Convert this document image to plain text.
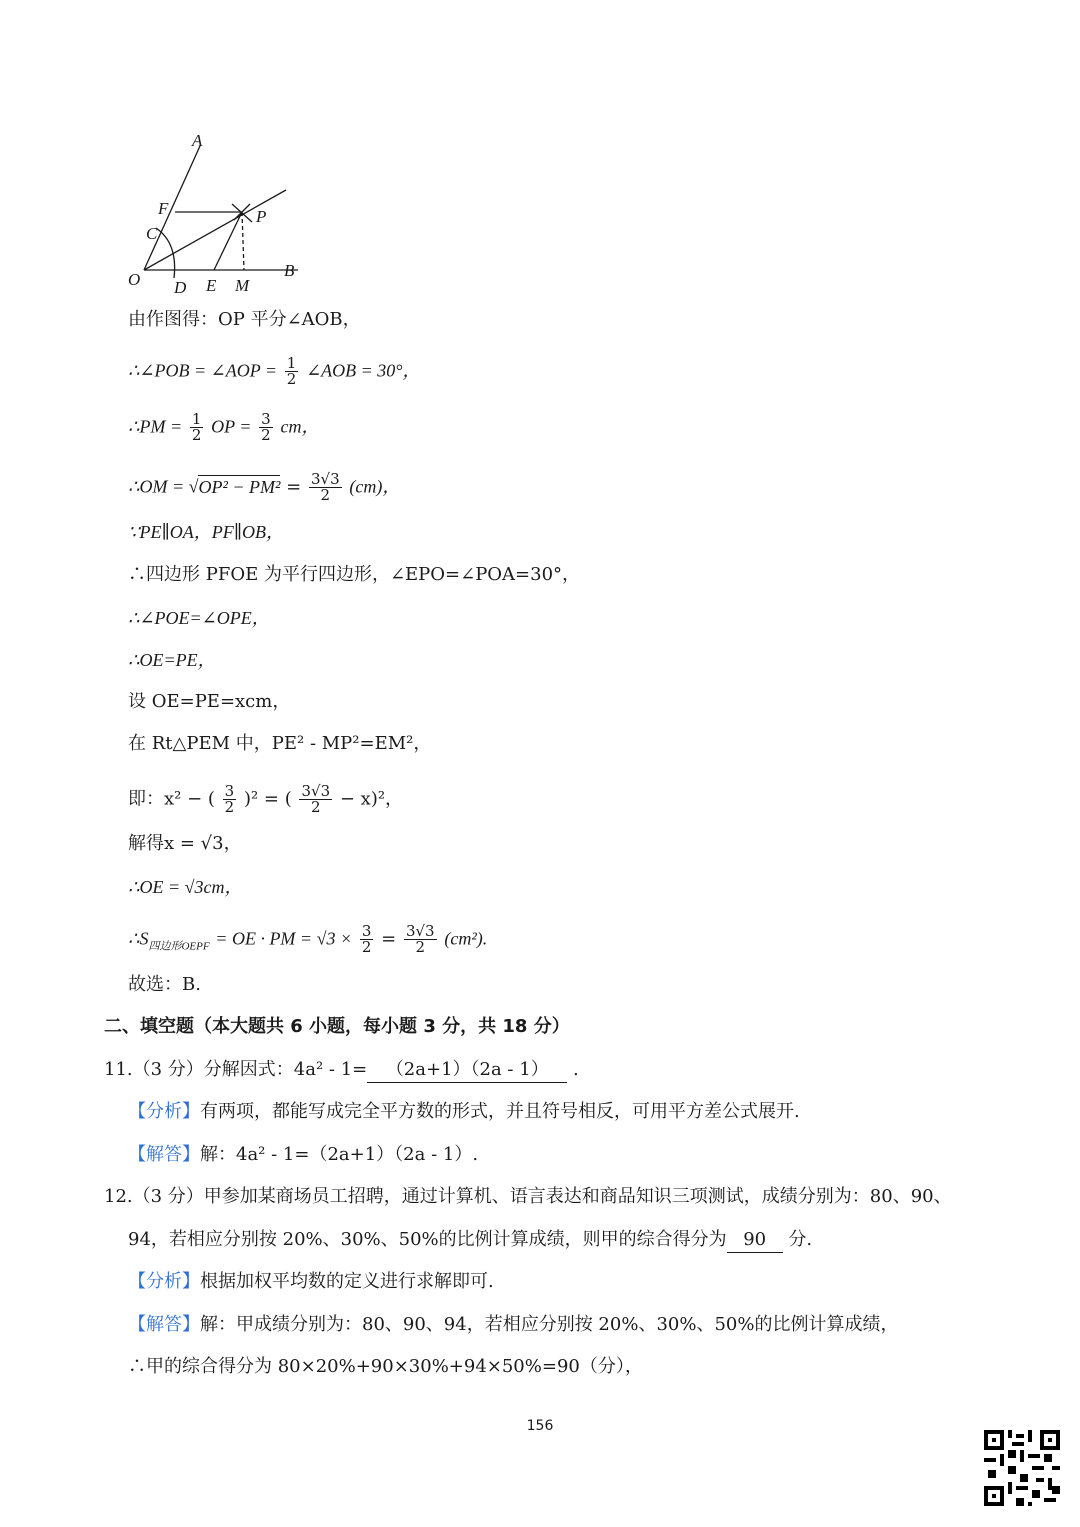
A
F
C
P
O D E M
B
由作图得：OP 平分∠AOB，
∴∠POB = ∠AOP = $\frac{1}{2}$ ∠AOB = 30°，
∴PM = $\frac{1}{2}$ OP = $\frac{3}{2}$ cm，
∴OM = $√OP^2 - PM^2 = \frac{3√3}{2} (cm)$，
∵PE∥OA，PF∥OB，
∴四边形 PFOE 为平行四边形，∠EPO=∠POA=30°，
∴∠POE=∠OPE，
∴OE=PE，
设 OE=PE=xcm，
在 Rt△PEM 中，PE² - MP²=EM²，
即：x² − ( $\frac{3}{2} )^2$ = ( $\frac{3√3}{2} - x)^2$，
解得x = √3，
∴OE = √3cm，
$\therefore S_{四边形OEPF}$ = OE · PM = $√3 \times \frac{3}{2} = \frac{3√3}{2} (cm^2)$.
故选：B.
二、填空题（本大题共 6 小题，每小题 3 分，共 18 分）
11.（3 分）分解因式：4a² - 1= （2a+1）（2a - 1） .
【分析】有两项，都能写成完全平方数的形式，并且符号相反，可用平方差公式展开.
【解答】解：4a² - 1=（2a+1）（2a - 1）.
12.（3 分）甲参加某商场员工招聘，通过计算机、语言表达和商品知识三项测试，成绩分别为：80、90、
94，若相应分别按 20%、30%、50%的比例计算成绩，则甲的综合得分为 90 分.
【分析】根据加权平均数的定义进行求解即可.
【解答】解：甲成绩分别为：80、90、94，若相应分别按 20%、30%、50%的比例计算成绩，
∴甲的综合得分为 80×20%+90×30%+94×50%=90（分），
156
